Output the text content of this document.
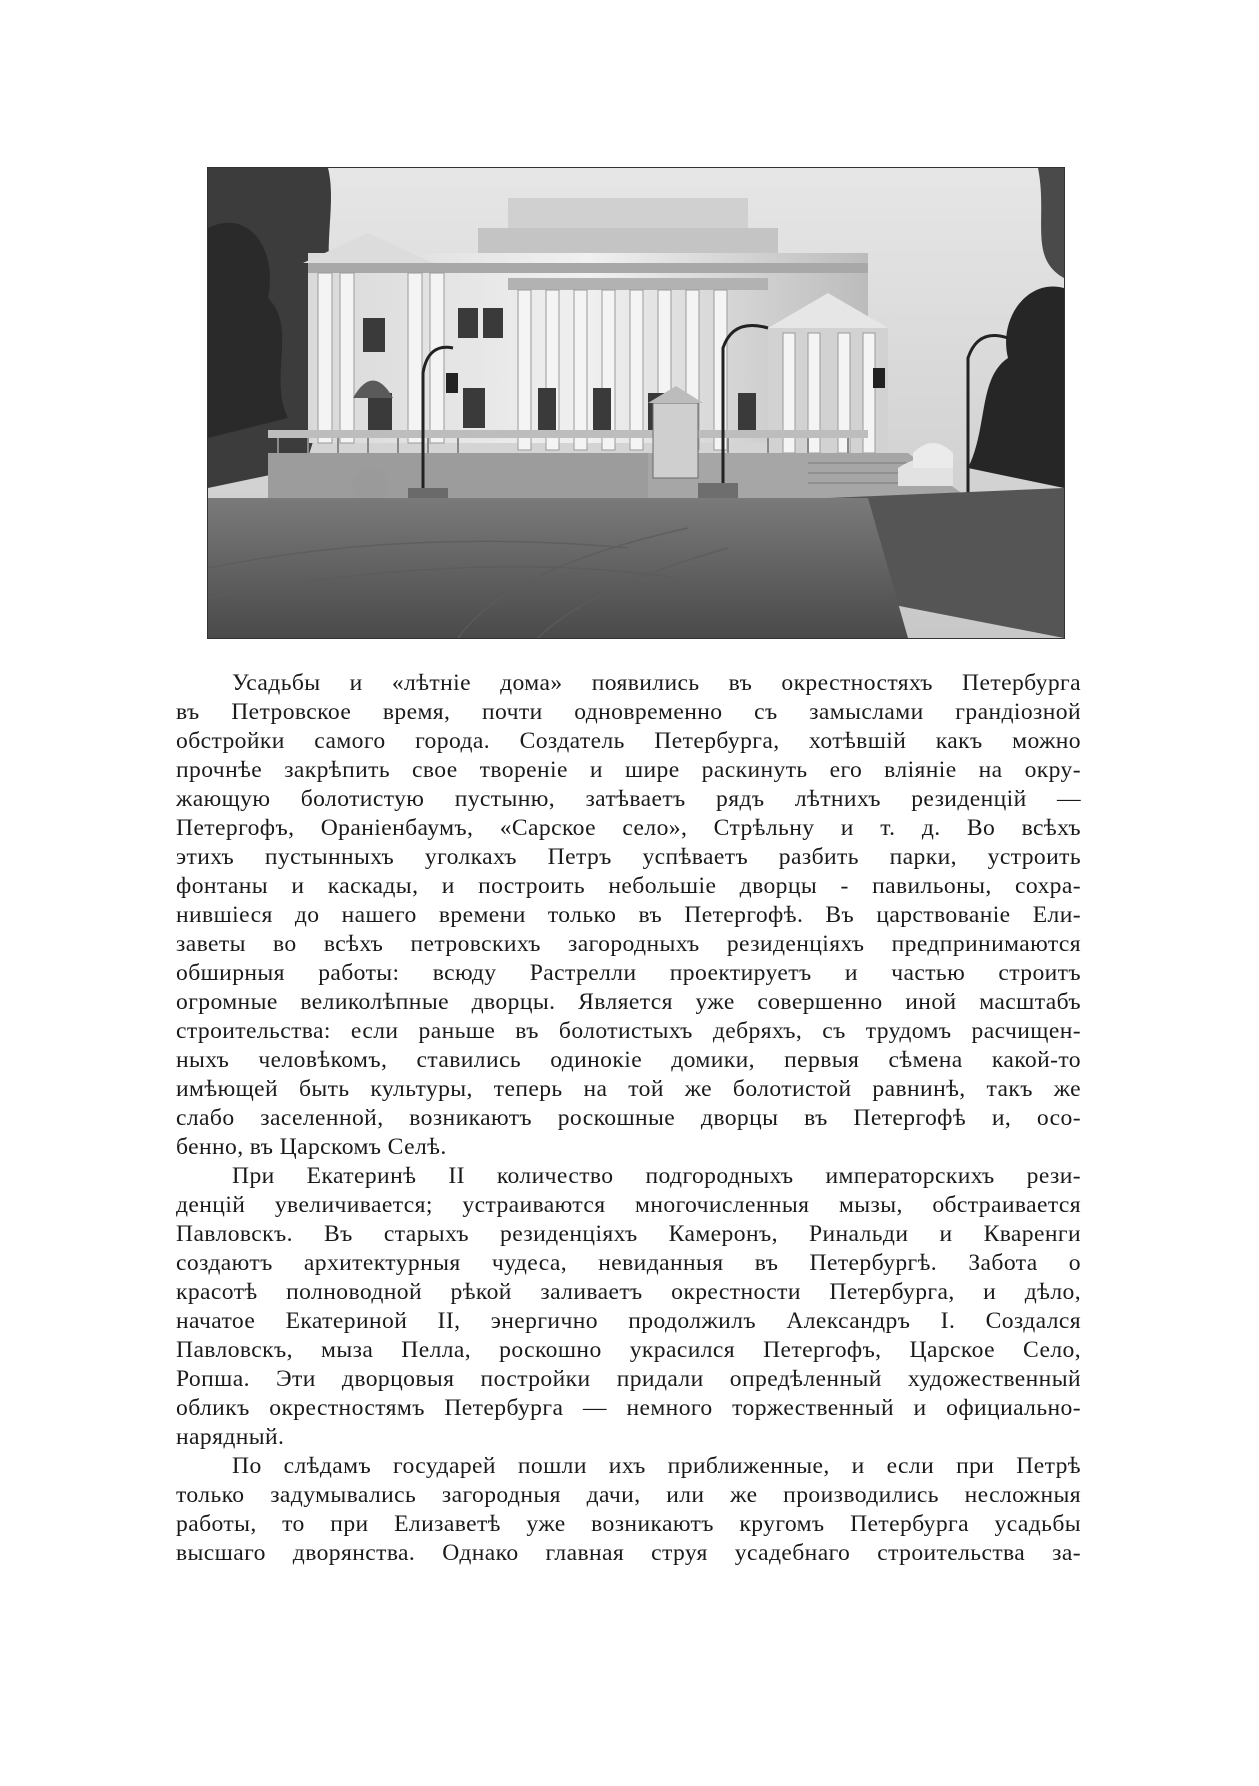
Усадьбы и «лѣтніе дома» появились въ окрестностяхъ Петербурга
въ Петровское время, почти одновременно съ замыслами грандіозной
обстройки самого города. Создатель Петербурга, хотѣвшій какъ можно
прочнѣе закрѣпить свое твореніе и шире раскинуть его вліяніе на окру-
жающую болотистую пустыню, затѣваетъ рядъ лѣтнихъ резиденцій —
Петергофъ, Ораніенбаумъ, «Сарское село», Стрѣльну и т. д. Во всѣхъ
этихъ пустынныхъ уголкахъ Петръ успѣваетъ разбить парки, устроить
фонтаны и каскады, и построить небольшіе дворцы - павильоны, сохра-
нившіеся до нашего времени только въ Петергофѣ. Въ царствованіе Ели-
заветы во всѣхъ петровскихъ загородныхъ резиденціяхъ предпринимаются
обширныя работы: всюду Растрелли проектируетъ и частью строитъ
огромные великолѣпные дворцы. Является уже совершенно иной масштабъ
строительства: если раньше въ болотистыхъ дебряхъ, съ трудомъ расчищен-
ныхъ человѣкомъ, ставились одинокіе домики, первыя сѣмена какой-то
имѣющей быть культуры, теперь на той же болотистой равнинѣ, такъ же
слабо заселенной, возникаютъ роскошные дворцы въ Петергофѣ и, осо-
бенно, въ Царскомъ Селѣ.
При Екатеринѣ II количество подгородныхъ императорскихъ рези-
денцій увеличивается; устраиваются многочисленныя мызы, обстраивается
Павловскъ. Въ старыхъ резиденціяхъ Камеронъ, Ринальди и Кваренги
создаютъ архитектурныя чудеса, невиданныя въ Петербургѣ. Забота о
красотѣ полноводной рѣкой заливаетъ окрестности Петербурга, и дѣло,
начатое Екатериной II, энергично продолжилъ Александръ I. Создался
Павловскъ, мыза Пелла, роскошно украсился Петергофъ, Царское Село,
Ропша. Эти дворцовыя постройки придали опредѣленный художественный
обликъ окрестностямъ Петербурга — немного торжественный и официально-
нарядный.
По слѣдамъ государей пошли ихъ приближенные, и если при Петрѣ
только задумывались загородныя дачи, или же производились несложныя
работы, то при Елизаветѣ уже возникаютъ кругомъ Петербурга усадьбы
высшаго дворянства. Однако главная струя усадебнаго строительства за-
